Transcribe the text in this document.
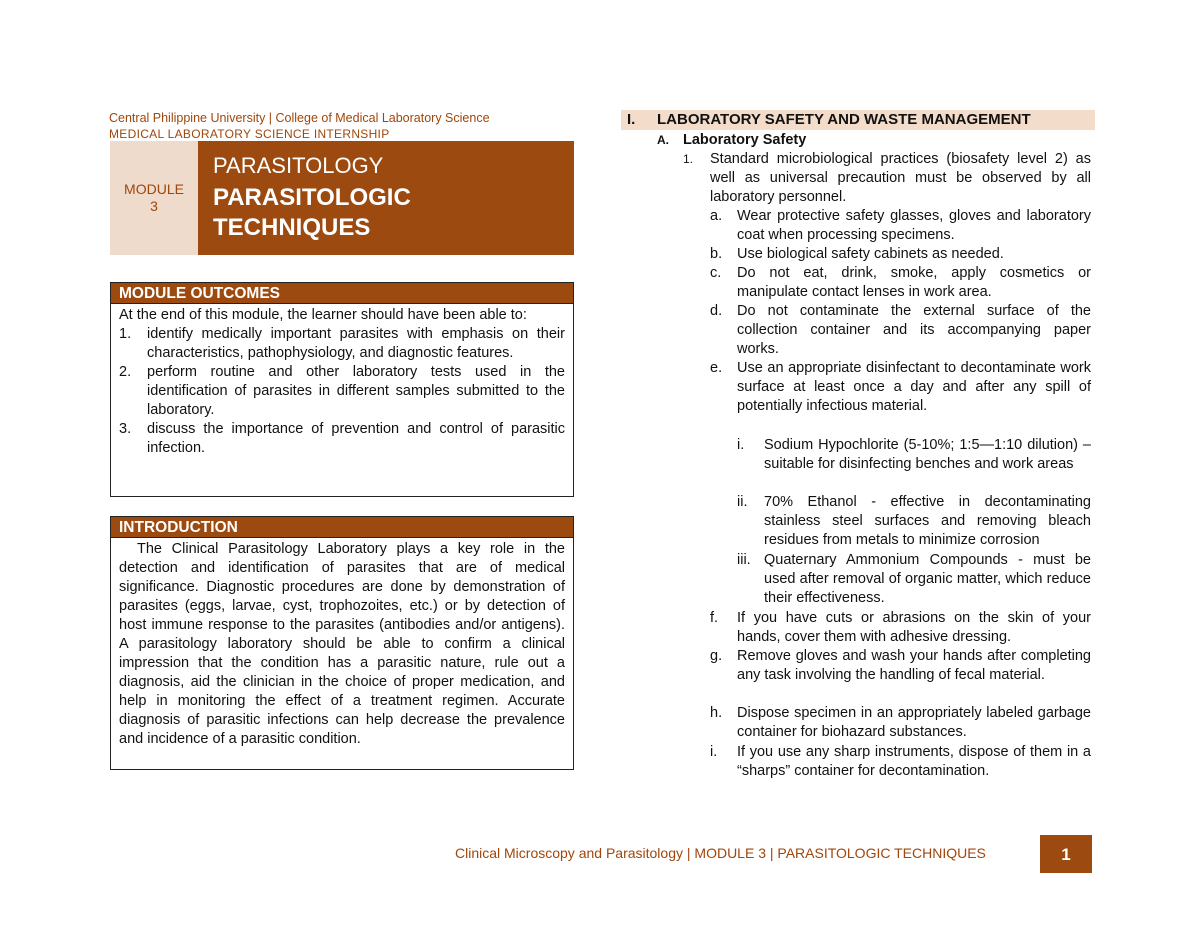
Central Philippine University | College of Medical Laboratory Science
MEDICAL LABORATORY SCIENCE INTERNSHIP
MODULE
3
PARASITOLOGY
PARASITOLOGIC
TECHNIQUES
MODULE OUTCOMES
At the end of this module, the learner should have been able to:
1.	identify medically important parasites with emphasis on their characteristics, pathophysiology, and diagnostic features.
2.	perform routine and other laboratory tests used in the identification of parasites in different samples submitted to the laboratory.
3.	discuss the importance of prevention and control of parasitic infection.
INTRODUCTION
The Clinical Parasitology Laboratory plays a key role in the detection and identification of parasites that are of medical significance. Diagnostic procedures are done by demonstration of parasites (eggs, larvae, cyst, trophozoites, etc.) or by detection of host immune response to the parasites (antibodies and/or antigens). A parasitology laboratory should be able to confirm a clinical impression that the condition has a parasitic nature, rule out a diagnosis, aid the clinician in the choice of proper medication, and help in monitoring the effect of a treatment regimen. Accurate diagnosis of parasitic infections can help decrease the prevalence and incidence of a parasitic condition.
I. LABORATORY SAFETY AND WASTE MANAGEMENT
A. Laboratory Safety
1.	Standard microbiological practices (biosafety level 2) as well as universal precaution must be observed by all laboratory personnel.
a.	Wear protective safety glasses, gloves and laboratory coat when processing specimens.
b.	Use biological safety cabinets as needed.
c.	Do not eat, drink, smoke, apply cosmetics or manipulate contact lenses in work area.
d.	Do not contaminate the external surface of the collection container and its accompanying paper works.
e.	Use an appropriate disinfectant to decontaminate work surface at least once a day and after any spill of potentially infectious material.
i.	Sodium Hypochlorite (5-10%; 1:5—1:10 dilution) – suitable for disinfecting benches and work areas
ii.	70% Ethanol - effective in decontaminating stainless steel surfaces and removing bleach residues from metals to minimize corrosion
iii. Quaternary Ammonium Compounds - must be used after removal of organic matter, which reduce their effectiveness.
f.	If you have cuts or abrasions on the skin of your hands, cover them with adhesive dressing.
g.	Remove gloves and wash your hands after completing any task involving the handling of fecal material.
h.	Dispose specimen in an appropriately labeled garbage container for biohazard substances.
i.	If you use any sharp instruments, dispose of them in a “sharps” container for decontamination.
Clinical Microscopy and Parasitology | MODULE 3 | PARASITOLOGIC TECHNIQUES	1
